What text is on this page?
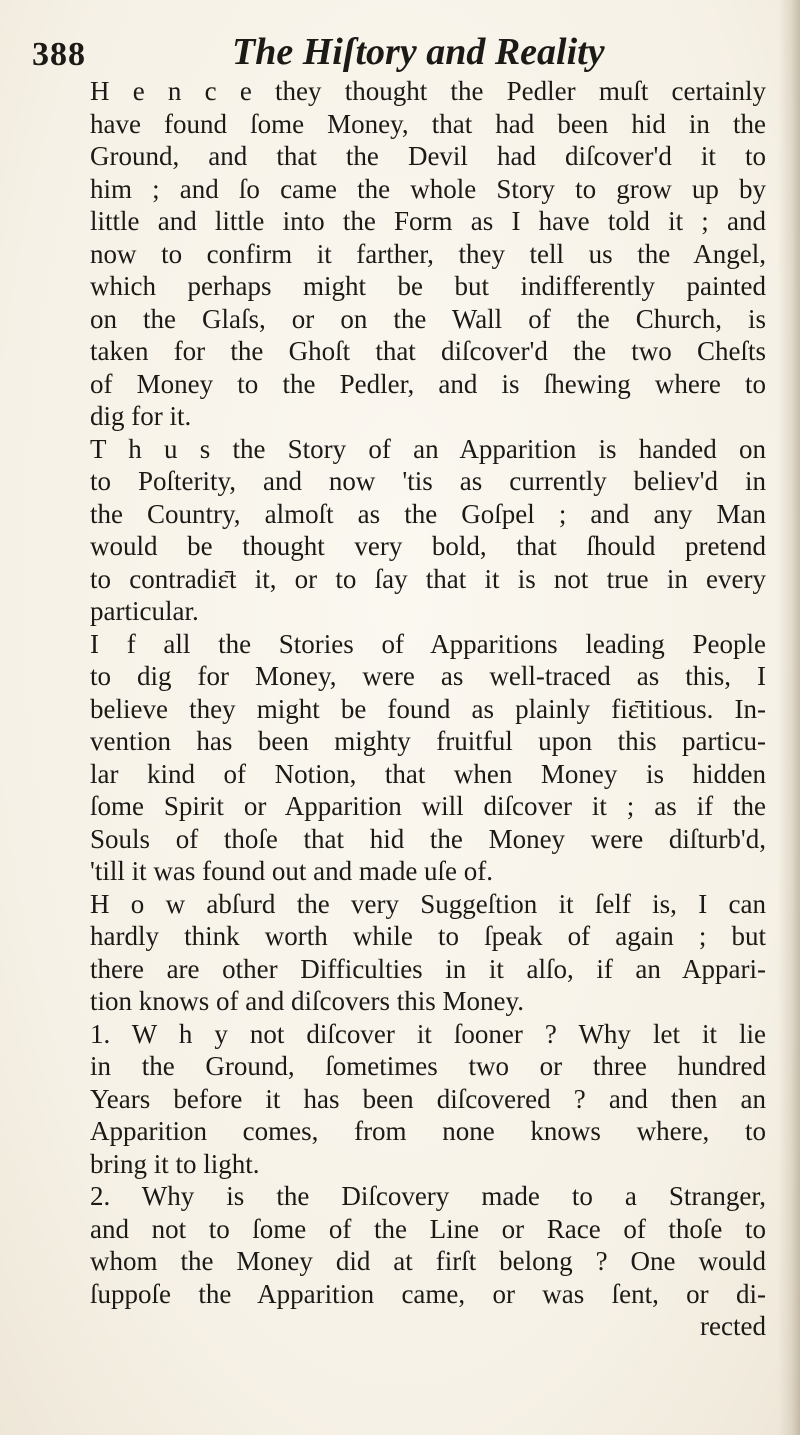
388	The Hiſtory and Reality
H e n c e they thought the Pedler muſt certainly
have found ſome Money, that had been hid in the
Ground, and that the Devil had diſcover'd it to
him ; and ſo came the whole Story to grow up by
little and little into the Form as I have told it ; and
now to confirm it farther, they tell us the Angel,
which perhaps might be but indifferently painted
on the Glaſs, or on the Wall of the Church, is
taken for the Ghoſt that diſcover'd the two Cheſts
of Money to the Pedler, and is ſhewing where to
dig for it.
T h u s the Story of an Apparition is handed on
to Poſterity, and now 'tis as currently believ'd in
the Country, almoſt as the Goſpel ; and any Man
would be thought very bold, that ſhould pretend
to contradiɛ̄t it, or to ſay that it is not true in every
particular.
I f all the Stories of Apparitions leading People
to dig for Money, were as well-traced as this, I
believe they might be found as plainly fiɛ̄titious. In-
vention has been mighty fruitful upon this particu-
lar kind of Notion, that when Money is hidden
ſome Spirit or Apparition will diſcover it ; as if the
Souls of thoſe that hid the Money were diſturb'd,
'till it was found out and made uſe of.
H o w abſurd the very Suggeſtion it ſelf is, I can
hardly think worth while to ſpeak of again ; but
there are other Difficulties in it alſo, if an Appari-
tion knows of and diſcovers this Money.
1. W h y not diſcover it ſooner ? Why let it lie
in the Ground, ſometimes two or three hundred
Years before it has been diſcovered ? and then an
Apparition comes, from none knows where, to
bring it to light.
2. Why is the Diſcovery made to a Stranger,
and not to ſome of the Line or Race of thoſe to
whom the Money did at firſt belong ? One would
ſuppoſe the Apparition came, or was ſent, or di-
rected
